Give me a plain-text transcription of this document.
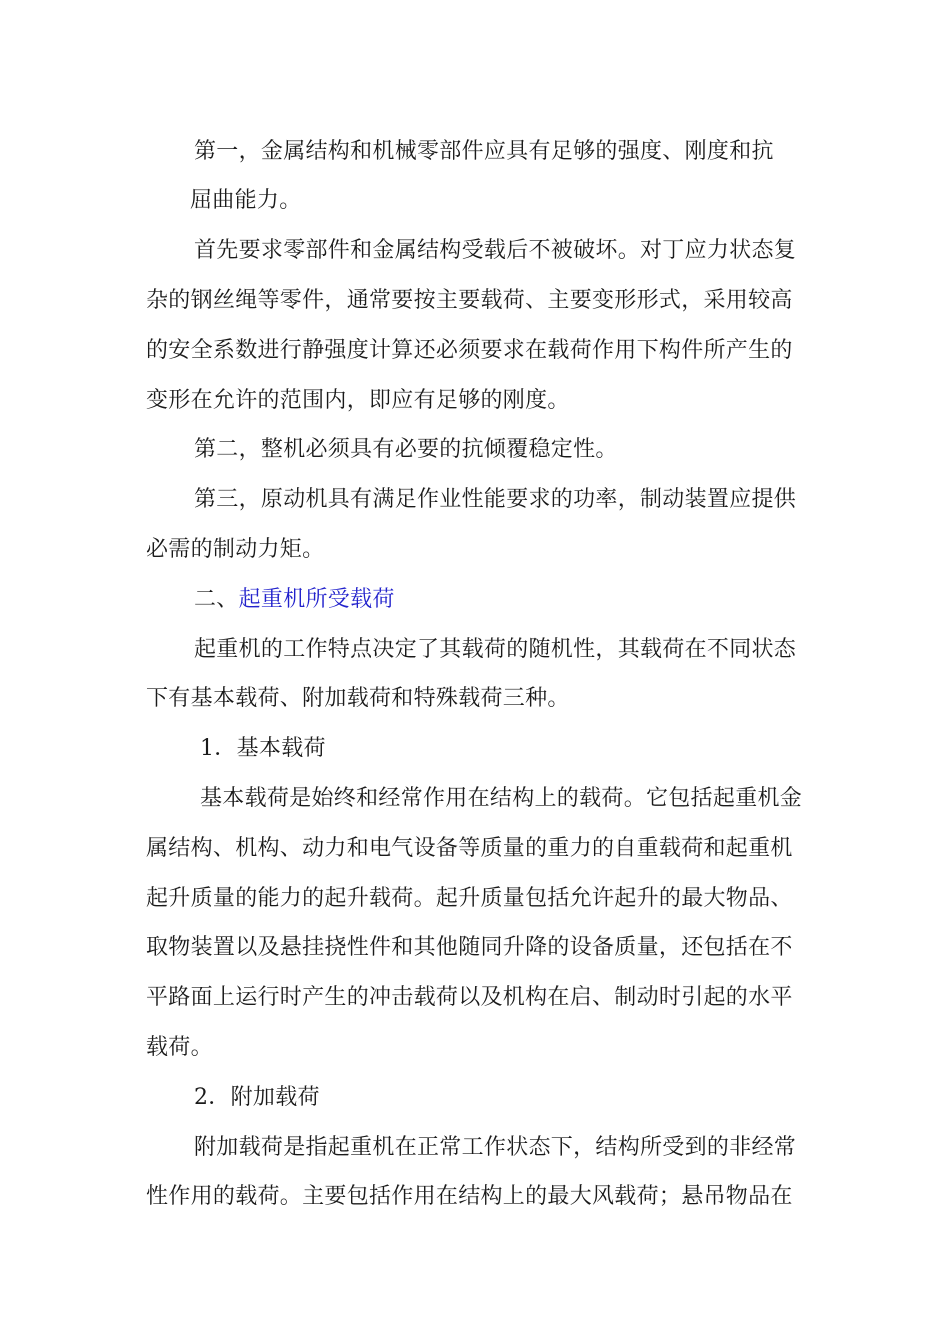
第一，金属结构和机械零部件应具有足够的强度、刚度和抗
屈曲能力。
首先要求零部件和金属结构受载后不被破坏。对丁应力状态复
杂的钢丝绳等零件，通常要按主要载荷、主要变形形式，采用较高
的安全系数进行静强度计算还必须要求在载荷作用下构件所产生的
变形在允许的范围内，即应有足够的刚度。
第二，整机必须具有必要的抗倾覆稳定性。
第三，原动机具有满足作业性能要求的功率，制动装置应提供
必需的制动力矩。
二、起重机所受载荷
起重机的工作特点决定了其载荷的随机性，其载荷在不同状态
下有基本载荷、附加载荷和特殊载荷三种。
1．基本载荷
基本载荷是始终和经常作用在结构上的载荷。它包括起重机金
属结构、机构、动力和电气设备等质量的重力的自重载荷和起重机
起升质量的能力的起升载荷。起升质量包括允许起升的最大物品、
取物装置以及悬挂挠性件和其他随同升降的设备质量，还包括在不
平路面上运行时产生的冲击载荷以及机构在启、制动时引起的水平
载荷。
2．附加载荷
附加载荷是指起重机在正常工作状态下，结构所受到的非经常
性作用的载荷。主要包括作用在结构上的最大风载荷；悬吊物品在
